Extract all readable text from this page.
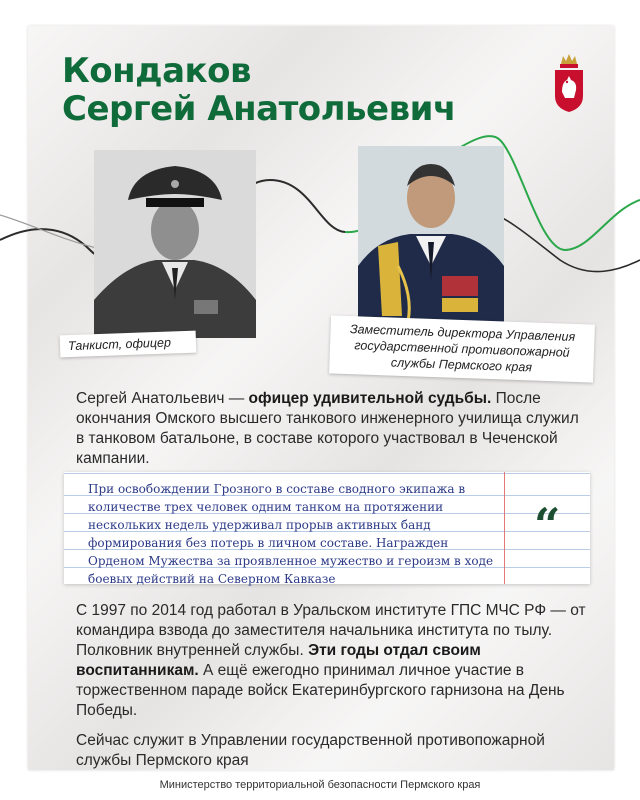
Кондаков
Сергей Анатольевич
Танкист, офицер
Заместитель директора Управления государственной противопожарной службы Пермского края

Сергей Анатольевич — офицер удивительной судьбы. После окончания Омского высшего танкового инженерного училища служил в танковом батальоне, в составе которого участвовал в Чеченской кампании.

При освобождении Грозного в составе сводного экипажа в количестве трех человек одним танком на протяжении нескольких недель удерживал прорыв активных банд формирования без потерь в личном составе. Награжден Орденом Мужества за проявленное мужество и героизм в ходе боевых действий на Северном Кавказе

“

С 1997 по 2014 год работал в Уральском институте ГПС МЧС РФ — от командира взвода до заместителя начальника института по тылу. Полковник внутренней службы. Эти годы отдал своим воспитанникам. А ещё ежегодно принимал личное участие в торжественном параде войск Екатеринбургского гарнизона на День Победы.

Сейчас служит в Управлении государственной противопожарной службы Пермского края

Министерство территориальной безопасности Пермского края
